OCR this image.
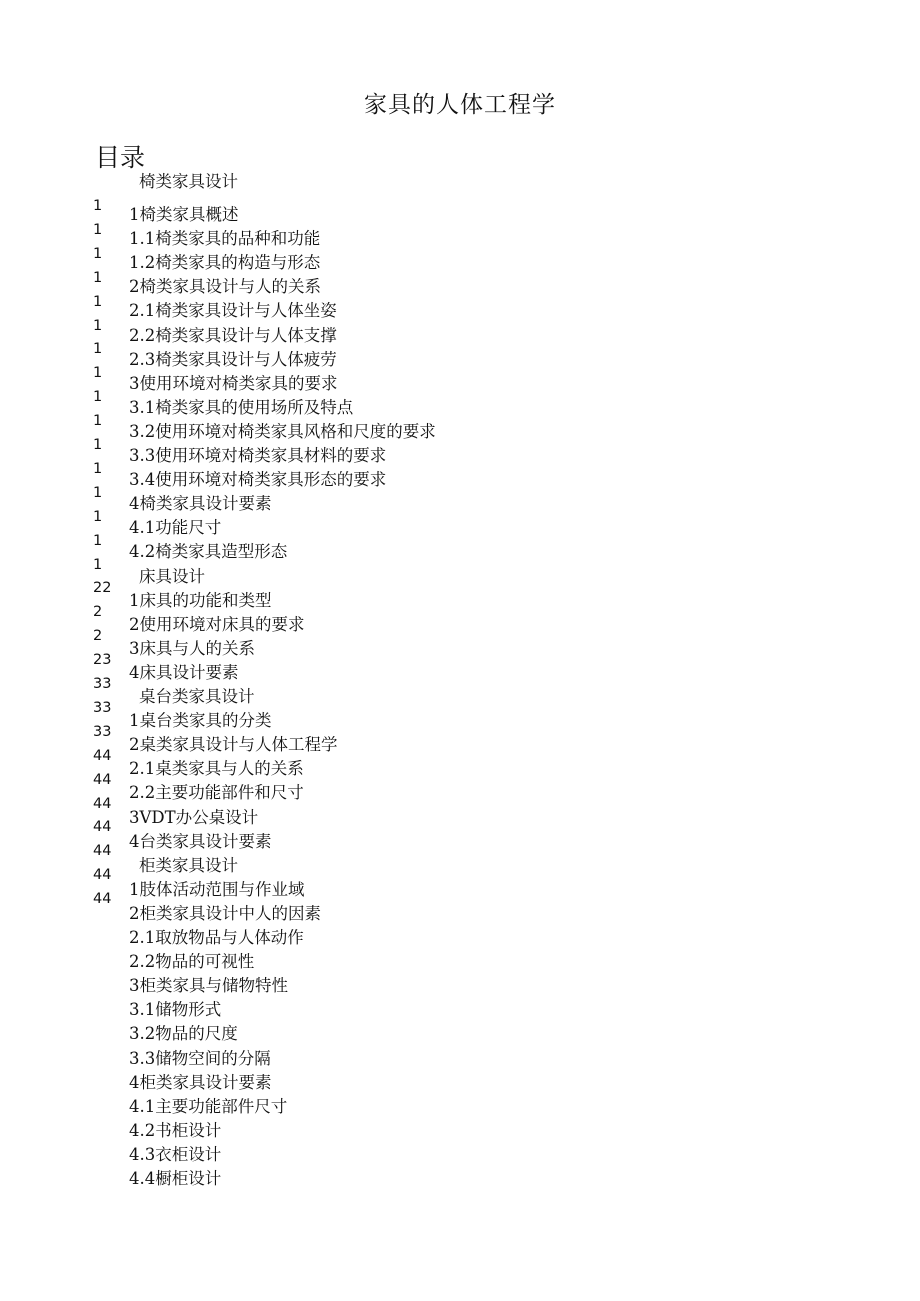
家具的人体工程学
目录
椅类家具设计
1椅类家具概述
1.1椅类家具的品种和功能
1.2椅类家具的构造与形态
2椅类家具设计与人的关系
2.1椅类家具设计与人体坐姿
2.2椅类家具设计与人体支撑
2.3椅类家具设计与人体疲劳
3使用环境对椅类家具的要求
3.1椅类家具的使用场所及特点
3.2使用环境对椅类家具风格和尺度的要求
3.3使用环境对椅类家具材料的要求
3.4使用环境对椅类家具形态的要求
4椅类家具设计要素
4.1功能尺寸
4.2椅类家具造型形态
床具设计
1床具的功能和类型
2使用环境对床具的要求
3床具与人的关系
4床具设计要素
桌台类家具设计
1桌台类家具的分类
2桌类家具设计与人体工程学
2.1桌类家具与人的关系
2.2主要功能部件和尺寸
3VDT办公桌设计
4台类家具设计要素
柜类家具设计
1肢体活动范围与作业域
2柜类家具设计中人的因素
2.1取放物品与人体动作
2.2物品的可视性
3柜类家具与储物特性
3.1储物形式
3.2物品的尺度
3.3储物空间的分隔
4柜类家具设计要素
4.1主要功能部件尺寸
4.2书柜设计
4.3衣柜设计
4.4橱柜设计
1
1
1
1
1
1
1
1
1
1
1
1
1
1
1
1
22
2
2
23
33
33
33
44
44
44
44
44
44
44
